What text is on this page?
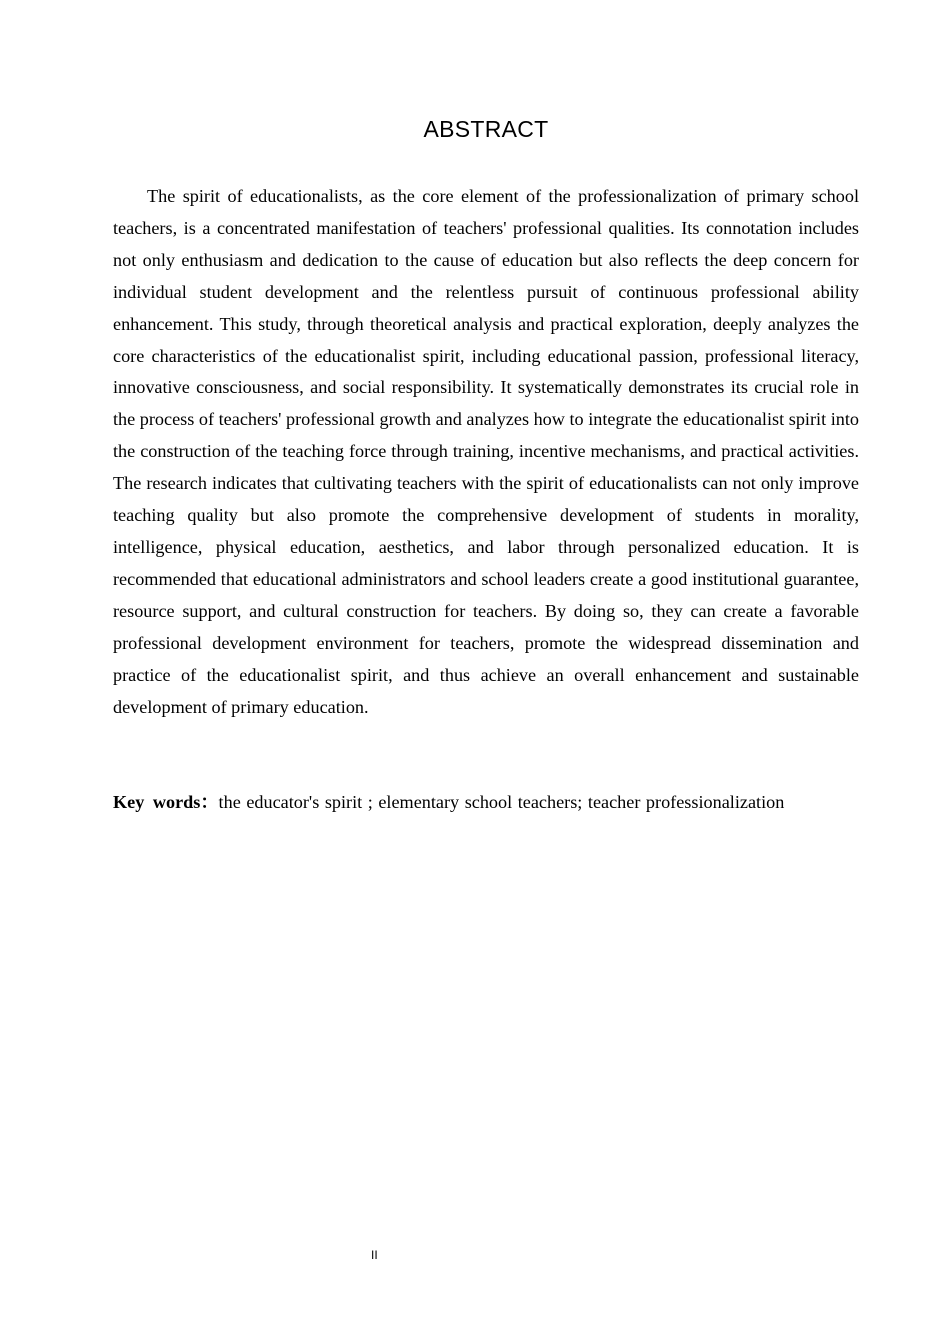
ABSTRACT

The spirit of educationalists, as the core element of the professionalization of primary school teachers, is a concentrated manifestation of teachers' professional qualities. Its connotation includes not only enthusiasm and dedication to the cause of education but also reflects the deep concern for individual student development and the relentless pursuit of continuous professional ability enhancement. This study, through theoretical analysis and practical exploration, deeply analyzes the core characteristics of the educationalist spirit, including educational passion, professional literacy, innovative consciousness, and social responsibility. It systematically demonstrates its crucial role in the process of teachers' professional growth and analyzes how to integrate the educationalist spirit into the construction of the teaching force through training, incentive mechanisms, and practical activities. The research indicates that cultivating teachers with the spirit of educationalists can not only improve teaching quality but also promote the comprehensive development of students in morality, intelligence, physical education, aesthetics, and labor through personalized education. It is recommended that educational administrators and school leaders create a good institutional guarantee, resource support, and cultural construction for teachers. By doing so, they can create a favorable professional development environment for teachers, promote the widespread dissemination and practice of the educationalist spirit, and thus achieve an overall enhancement and sustainable development of primary education.

Key words：the educator's spirit ; elementary school teachers; teacher professionalization
II
